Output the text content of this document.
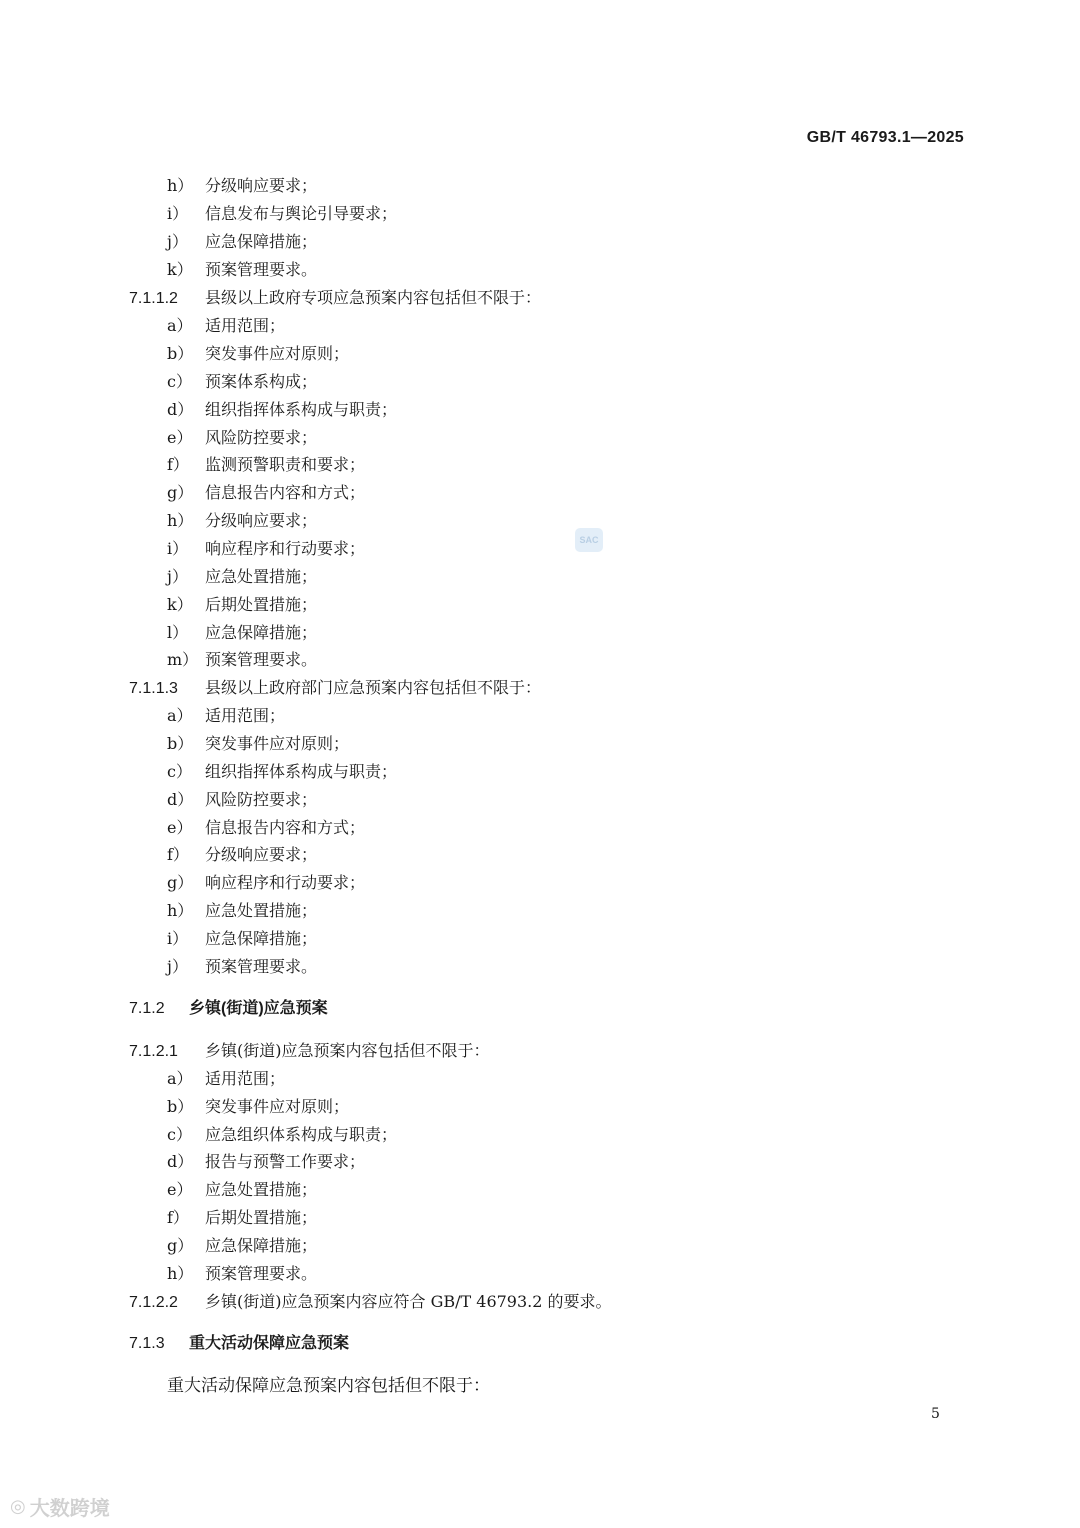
GB/T 46793.1—2025
h） 分级响应要求；
i） 信息发布与舆论引导要求；
j） 应急保障措施；
k） 预案管理要求。
7.1.1.2 县级以上政府专项应急预案内容包括但不限于：
a） 适用范围；
b） 突发事件应对原则；
c） 预案体系构成；
d） 组织指挥体系构成与职责；
e） 风险防控要求；
f） 监测预警职责和要求；
g） 信息报告内容和方式；
h） 分级响应要求；
i） 响应程序和行动要求；
j） 应急处置措施；
k） 后期处置措施；
l） 应急保障措施；
m） 预案管理要求。
7.1.1.3 县级以上政府部门应急预案内容包括但不限于：
a） 适用范围；
b） 突发事件应对原则；
c） 组织指挥体系构成与职责；
d） 风险防控要求；
e） 信息报告内容和方式；
f） 分级响应要求；
g） 响应程序和行动要求；
h） 应急处置措施；
i） 应急保障措施；
j） 预案管理要求。
7.1.2 乡镇(街道)应急预案
7.1.2.1 乡镇(街道)应急预案内容包括但不限于：
a） 适用范围；
b） 突发事件应对原则；
c） 应急组织体系构成与职责；
d） 报告与预警工作要求；
e） 应急处置措施；
f） 后期处置措施；
g） 应急保障措施；
h） 预案管理要求。
7.1.2.2 乡镇(街道)应急预案内容应符合 GB/T 46793.2 的要求。
7.1.3 重大活动保障应急预案
重大活动保障应急预案内容包括但不限于：
5
SAC
◎ 大数跨境
